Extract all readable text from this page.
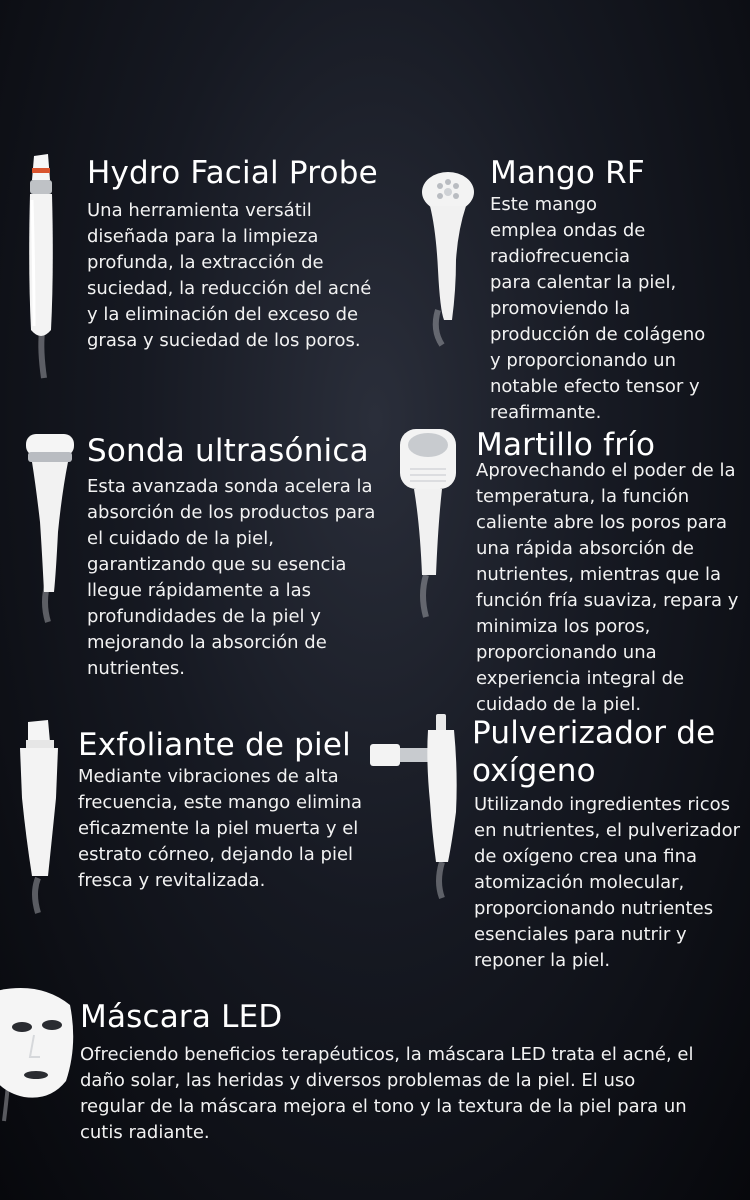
Hydro Facial Probe

Una herramienta versátil diseñada para la limpieza profunda, la extracción de suciedad, la reducción del acné y la eliminación del exceso de grasa y suciedad de los poros.

Mango RF

Este mango
emplea ondas de
radiofrecuencia
para calentar la piel,
promoviendo la
producción de colágeno
y proporcionando un
notable efecto tensor y
reafirmante.

Sonda ultrasónica

Esta avanzada sonda acelera la absorción de los productos para el cuidado de la piel, garantizando que su esencia llegue rápidamente a las profundidades de la piel y mejorando la absorción de nutrientes.

Martillo frío

Aprovechando el poder de la temperatura, la función caliente abre los poros para una rápida absorción de nutrientes, mientras que la función fría suaviza, repara y minimiza los poros, proporcionando una experiencia integral de cuidado de la piel.

Exfoliante de piel

Mediante vibraciones de alta frecuencia, este mango elimina eficazmente la piel muerta y el estrato córneo, dejando la piel fresca y revitalizada.

Pulverizador de oxígeno

Utilizando ingredientes ricos en nutrientes, el pulverizador de oxígeno crea una fina atomización molecular, proporcionando nutrientes esenciales para nutrir y reponer la piel.

Máscara LED

Ofreciendo beneficios terapéuticos, la máscara LED trata el acné, el daño solar, las heridas y diversos problemas de la piel. El uso regular de la máscara mejora el tono y la textura de la piel para un cutis radiante.
